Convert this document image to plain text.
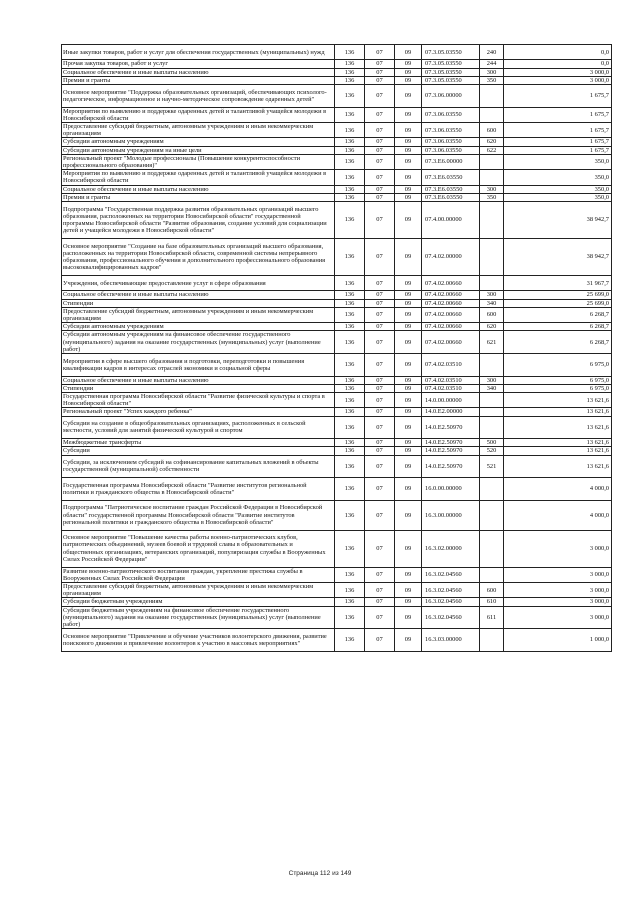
Иные закупки товаров, работ и услуг для обеспечения государственных (муниципальных) нужд	136	07	09	07.3.05.03550	240	0,0
Прочая закупка товаров, работ и услуг	136	07	09	07.3.05.03550	244	0,0
Социальное обеспечение и иные выплаты населению	136	07	09	07.3.05.03550	300	3 000,0
Премии и гранты	136	07	09	07.3.05.03550	350	3 000,0
Основное мероприятие "Поддержка образовательных организаций, обеспечивающих психолого-педагогическое, информационное и научно-методическое сопровождение одаренных детей"	136	07	09	07.3.06.00000		1 675,7
Мероприятия по выявлению и поддержке одаренных детей и талантливой учащейся молодежи в Новосибирской области	136	07	09	07.3.06.03550		1 675,7
Предоставление субсидий бюджетным, автономным учреждениям и иным некоммерческим организациям	136	07	09	07.3.06.03550	600	1 675,7
Субсидии автономным учреждениям	136	07	09	07.3.06.03550	620	1 675,7
Субсидии автономным учреждениям на иные цели	136	07	09	07.3.06.03550	622	1 675,7
Региональный проект "Молодые профессионалы (Повышение конкурентоспособности профессионального образования)"	136	07	09	07.3.E6.00000		350,0
Мероприятия по выявлению и поддержке одаренных детей и талантливой учащейся молодежи в Новосибирской области	136	07	09	07.3.E6.03550		350,0
Социальное обеспечение и иные выплаты населению	136	07	09	07.3.E6.03550	300	350,0
Премии и гранты	136	07	09	07.3.E6.03550	350	350,0
Подпрограмма "Государственная поддержка развития образовательных организаций высшего образования, расположенных на территории Новосибирской области" государственной программы Новосибирской области "Развитие образования, создание условий для социализации детей и учащейся молодежи в Новосибирской области"	136	07	09	07.4.00.00000		38 942,7
Основное мероприятие "Создание на базе образовательных организаций высшего образования, расположенных на территории Новосибирской области, современной системы непрерывного образования, профессионального обучения и дополнительного профессионального образования высококвалифицированных кадров"	136	07	09	07.4.02.00000		38 942,7
Учреждения, обеспечивающие предоставление услуг в сфере образования	136	07	09	07.4.02.00660		31 967,7
Социальное обеспечение и иные выплаты населению	136	07	09	07.4.02.00660	300	25 699,0
Стипендии	136	07	09	07.4.02.00660	340	25 699,0
Предоставление субсидий бюджетным, автономным учреждениям и иным некоммерческим организациям	136	07	09	07.4.02.00660	600	6 268,7
Субсидии автономным учреждениям	136	07	09	07.4.02.00660	620	6 268,7
Субсидии автономным учреждениям на финансовое обеспечение государственного (муниципального) задания на оказание государственных (муниципальных) услуг (выполнение работ)	136	07	09	07.4.02.00660	621	6 268,7
Мероприятия в сфере высшего образования и подготовки, переподготовки и повышения квалификации кадров в интересах отраслей экономики и социальной сферы	136	07	09	07.4.02.03510		6 975,0
Социальное обеспечение и иные выплаты населению	136	07	09	07.4.02.03510	300	6 975,0
Стипендии	136	07	09	07.4.02.03510	340	6 975,0
Государственная программа Новосибирской области "Развитие физической культуры и спорта в Новосибирской области"	136	07	09	14.0.00.00000		13 621,6
Региональный проект "Успех каждого ребенка"	136	07	09	14.0.E2.00000		13 621,6
Субсидии на создание в общеобразовательных организациях, расположенных в сельской местности, условий для занятий физической культурой и спортом	136	07	09	14.0.E2.50970		13 621,6
Межбюджетные трансферты	136	07	09	14.0.E2.50970	500	13 621,6
Субсидии	136	07	09	14.0.E2.50970	520	13 621,6
Субсидии, за исключением субсидий на софинансирование капитальных вложений в объекты государственной (муниципальной) собственности	136	07	09	14.0.E2.50970	521	13 621,6
Государственная программа Новосибирской области "Развитие институтов региональной политики и гражданского общества в Новосибирской области"	136	07	09	16.0.00.00000		4 000,0
Подпрограмма "Патриотическое воспитание граждан Российской Федерации в Новосибирской области" государственной программы Новосибирской области "Развитие институтов региональной политики и гражданского общества в Новосибирской области"	136	07	09	16.3.00.00000		4 000,0
Основное мероприятие "Повышение качества работы военно-патриотических клубов, патриотических объединений, музеев боевой и трудовой славы в образовательных и общественных организациях, ветеранских организаций, популяризация службы в Вооруженных Силах Российской Федерации"	136	07	09	16.3.02.00000		3 000,0
Развитие военно-патриотического воспитания граждан, укрепление престижа службы в Вооруженных Силах Российской Федерации	136	07	09	16.3.02.04560		3 000,0
Предоставление субсидий бюджетным, автономным учреждениям и иным некоммерческим организациям	136	07	09	16.3.02.04560	600	3 000,0
Субсидии бюджетным учреждениям	136	07	09	16.3.02.04560	610	3 000,0
Субсидии бюджетным учреждениям на финансовое обеспечение государственного (муниципального) задания на оказание государственных (муниципальных) услуг (выполнение работ)	136	07	09	16.3.02.04560	611	3 000,0
Основное мероприятие "Привлечение и обучение участников волонтерского движения, развитие поискового движения и привлечение волонтеров к участию в массовых мероприятиях"	136	07	09	16.3.03.00000		1 000,0
Страница 112 из 149
